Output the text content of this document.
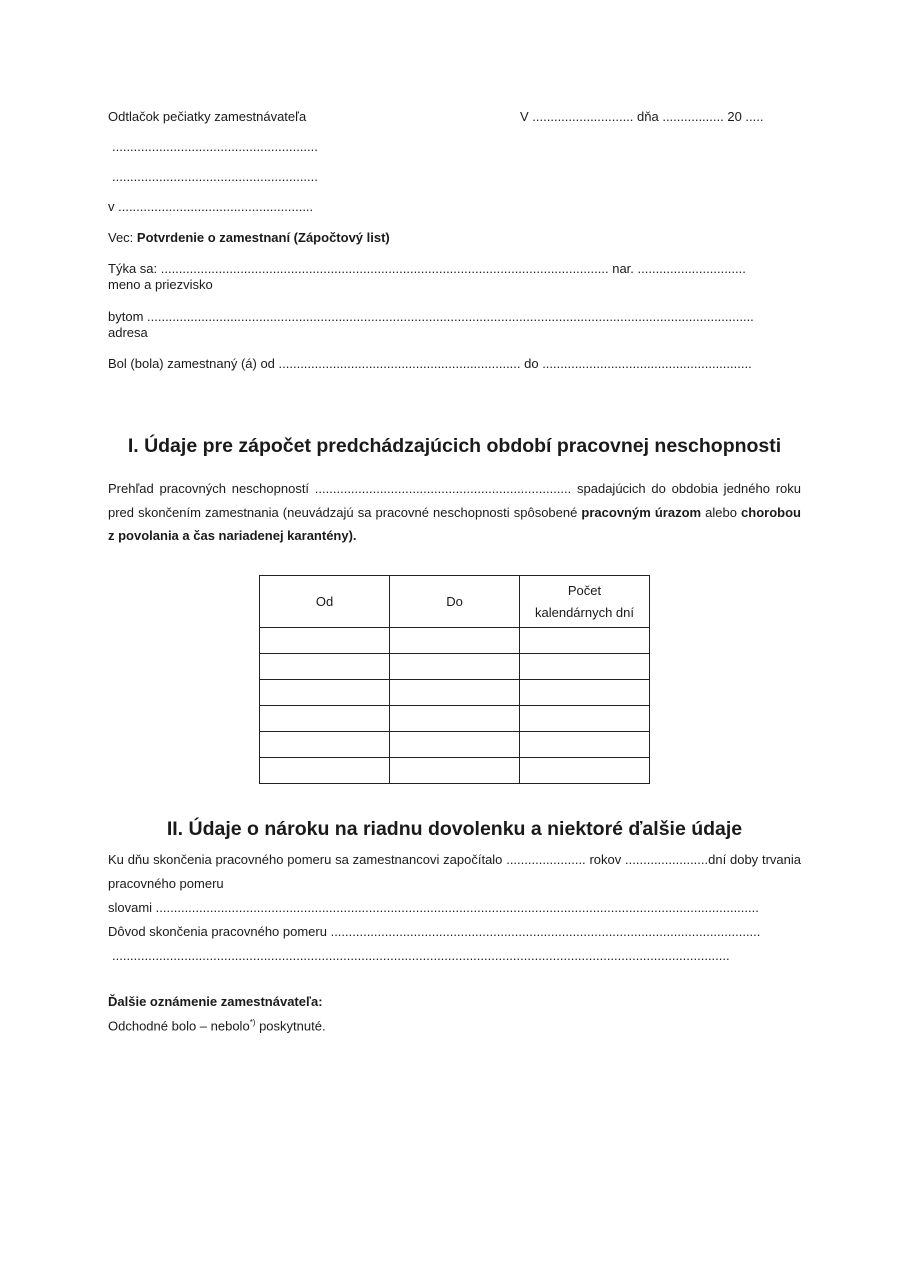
Odtlačok pečiatky zamestnávateľa	V ............................ dňa ................. 20 .....
.........................................................
.........................................................
v ......................................................
Vec: Potvrdenie o zamestnaní (Zápočtový list)
Týka sa: ............................................................................................................................ nar. ..............................
meno a priezvisko
bytom ........................................................................................................................................................................
adresa
Bol (bola) zamestnaný (á) od ................................................................... do ..........................................................
I. Údaje pre zápočet predchádzajúcich období pracovnej neschopnosti
Prehľad pracovných neschopností ....................................................................... spadajúcich do obdobia jedného roku pred skončením zamestnania (neuvádzajú sa pracovné neschopnosti spôsobené pracovným úrazom alebo chorobou z povolania a čas nariadenej karantény).
Od	Do	Počet
kalendárnych dní

II. Údaje o nároku na riadnu dovolenku a niektoré ďalšie údaje
Ku dňu skončenia pracovného pomeru sa zamestnancovi započítalo ...................... rokov .......................dní doby trvania pracovného pomeru
slovami .......................................................................................................................................................................
Dôvod skončenia pracovného pomeru .......................................................................................................................
...........................................................................................................................................................................
Ďalšie oznámenie zamestnávateľa:
Odchodné bolo – nebolo*) poskytnuté.
